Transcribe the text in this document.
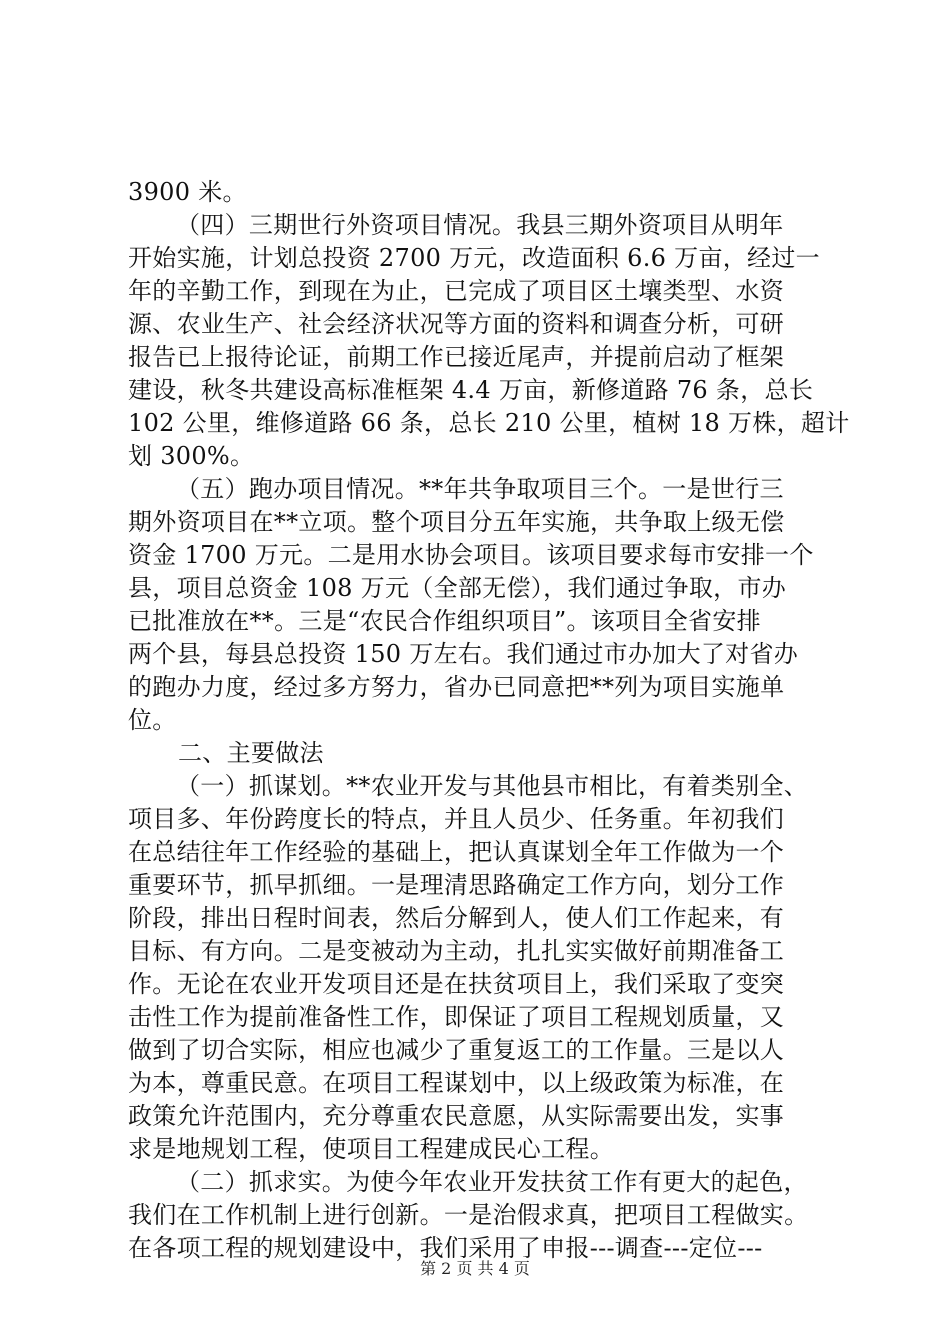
3900 米。
（四）三期世行外资项目情况。我县三期外资项目从明年
开始实施，计划总投资 2700 万元，改造面积 6.6 万亩，经过一
年的辛勤工作，到现在为止，已完成了项目区土壤类型、水资
源、农业生产、社会经济状况等方面的资料和调查分析，可研
报告已上报待论证，前期工作已接近尾声，并提前启动了框架
建设，秋冬共建设高标准框架 4.4 万亩，新修道路 76 条，总长
102 公里，维修道路 66 条，总长 210 公里，植树 18 万株，超计
划 300%。
（五）跑办项目情况。**年共争取项目三个。一是世行三
期外资项目在**立项。整个项目分五年实施，共争取上级无偿
资金 1700 万元。二是用水协会项目。该项目要求每市安排一个
县，项目总资金 108 万元（全部无偿），我们通过争取，市办
已批准放在**。三是“农民合作组织项目”。该项目全省安排
两个县，每县总投资 150 万左右。我们通过市办加大了对省办
的跑办力度，经过多方努力，省办已同意把**列为项目实施单
位。
二、主要做法
（一）抓谋划。**农业开发与其他县市相比，有着类别全、
项目多、年份跨度长的特点，并且人员少、任务重。年初我们
在总结往年工作经验的基础上，把认真谋划全年工作做为一个
重要环节，抓早抓细。一是理清思路确定工作方向，划分工作
阶段，排出日程时间表，然后分解到人，使人们工作起来，有
目标、有方向。二是变被动为主动，扎扎实实做好前期准备工
作。无论在农业开发项目还是在扶贫项目上，我们采取了变突
击性工作为提前准备性工作，即保证了项目工程规划质量，又
做到了切合实际，相应也减少了重复返工的工作量。三是以人
为本，尊重民意。在项目工程谋划中，以上级政策为标准，在
政策允许范围内，充分尊重农民意愿，从实际需要出发，实事
求是地规划工程，使项目工程建成民心工程。
（二）抓求实。为使今年农业开发扶贫工作有更大的起色，
我们在工作机制上进行创新。一是治假求真，把项目工程做实。
在各项工程的规划建设中，我们采用了申报---调查---定位---
第 2 页 共 4 页
